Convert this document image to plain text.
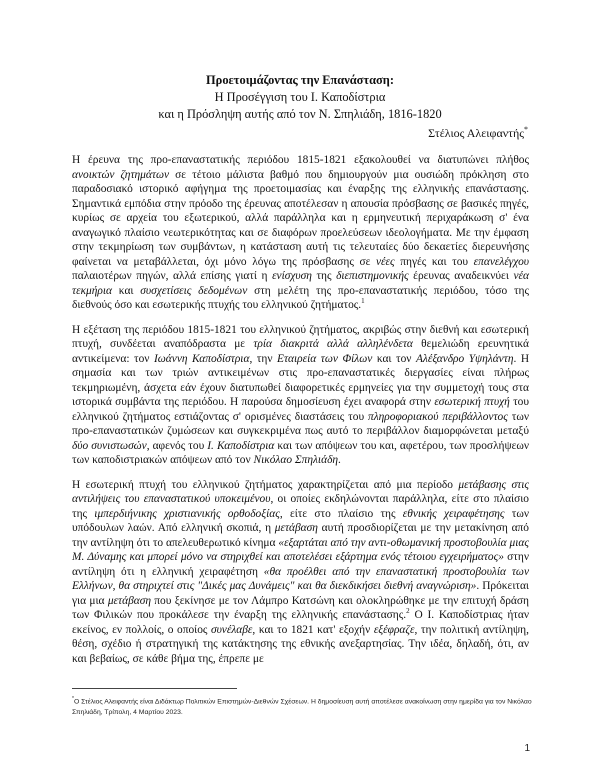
Προετοιμάζοντας την Επανάσταση:
Η Προσέγγιση του Ι. Καποδίστρια
και η Πρόσληψη αυτής από τον Ν. Σπηλιάδη, 1816-1820
Στέλιος Αλειφαντής*

Η έρευνα της προ-επαναστατικής περιόδου 1815-1821 εξακολουθεί να διατυπώνει πλήθος ανοικτών ζητημάτων σε τέτοιο μάλιστα βαθμό που δημιουργούν μια ουσιώδη πρόκληση στο παραδοσιακό ιστορικό αφήγημα της προετοιμασίας και έναρξης της ελληνικής επανάστασης. Σημαντικά εμπόδια στην πρόοδο της έρευνας αποτέλεσαν η απουσία πρόσβασης σε βασικές πηγές, κυρίως σε αρχεία του εξωτερικού, αλλά παράλληλα και η ερμηνευτική περιχαράκωση σ' ένα αναγωγικό πλαίσιο νεωτερικότητας και σε διαφόρων προελεύσεων ιδεολογήματα. Με την έμφαση στην τεκμηρίωση των συμβάντων, η κατάσταση αυτή τις τελευταίες δύο δεκαετίες διερευνήσης φαίνεται να μεταβάλλεται, όχι μόνο λόγω της πρόσβασης σε νέες πηγές και του επανελέγχου παλαιοτέρων πηγών, αλλά επίσης γιατί η ενίσχυση της διεπιστημονικής έρευνας αναδεικνύει νέα τεκμήρια και συσχετίσεις δεδομένων στη μελέτη της προ-επαναστατικής περιόδου, τόσο της διεθνούς όσο και εσωτερικής πτυχής του ελληνικού ζητήματος.$^1$

Η εξέταση της περιόδου 1815-1821 του ελληνικού ζητήματος, ακριβώς στην διεθνή και εσωτερική πτυχή, συνδέεται αναπόδραστα με τρία διακριτά αλλά αλληλένδετα θεμελιώδη ερευνητικά αντικείμενα: τον Ιωάννη Καποδίστρια, την Εταιρεία των Φίλων και τον Αλέξανδρο Υψηλάντη. Η σημασία και των τριών αντικειμένων στις προ-επαναστατικές διεργασίες είναι πλήρως τεκμηριωμένη, άσχετα εάν έχουν διατυπωθεί διαφορετικές ερμηνείες για την συμμετοχή τους στα ιστορικά συμβάντα της περιόδου. Η παρούσα δημοσίευση έχει αναφορά στην εσωτερική πτυχή του ελληνικού ζητήματος εστιάζοντας σ' ορισμένες διαστάσεις του πληροφοριακού περιβάλλοντος των προ-επαναστατικών ζυμώσεων και συγκεκριμένα πως αυτό το περιβάλλον διαμορφώνεται μεταξύ δύο συνιστωσών, αφενός του Ι. Καποδίστρια και των απόψεων του και, αφετέρου, των προσλήψεων των καποδιστριακών απόψεων από τον Νικόλαο Σπηλιάδη.

Η εσωτερική πτυχή του ελληνικού ζητήματος χαρακτηρίζεται από μια περίοδο μετάβασης στις αντιλήψεις του επαναστατικού υποκειμένου, οι οποίες εκδηλώνονται παράλληλα, είτε στο πλαίσιο της ιμπερδιήνικης χριστιανικής ορθοδοξίας, είτε στο πλαίσιο της εθνικής χειραφέτησης των υπόδουλων λαών. Από ελληνική σκοπιά, η μετάβαση αυτή προσδιορίζεται με την μετακίνηση από την αντίληψη ότι το απελευθερωτικό κίνημα «εξαρτάται από την αντι-οθωμανική προστοβουλία μιας Μ. Δύναμης και μπορεί μόνο να στηριχθεί και αποτελέσει εξάρτημα ενός τέτοιου εγχειρήματος» στην αντίληψη ότι η ελληνική χειραφέτηση «θα προέλθει από την επαναστατική προστοβουλία των Ελλήνων, θα στηριχτεί στις "Δικές μας Δυνάμεις" και θα διεκδικήσει διεθνή αναγνώριση». Πρόκειται για μια μετάβαση που ξεκίνησε με τον Λάμπρο Κατσώνη και ολοκληρώθηκε με την επιτυχή δράση των Φιλικών που προκάλεσε την έναρξη της ελληνικής επανάστασης.$^2$ Ο Ι. Καποδίστριας ήταν εκείνος, εν πολλοίς, ο οποίος συνέλαβε, και το 1821 κατ' εξοχήν εξέφραζε, την πολιτική αντίληψη, θέση, σχέδιο ή στρατηγική της κατάκτησης της εθνικής ανεξαρτησίας. Την ιδέα, δηλαδή, ότι, αν και βεβαίως, σε κάθε βήμα της, έπρεπε με

*Ο Στέλιος Αλειφαντής είναι Διδάκτωρ Πολιτικών Επιστημών-Διεθνών Σχέσεων. Η δημοσίευση αυτή αποτέλεσε ανακοίνωση στην ημερίδα για τον Νικόλαο Σπηλιάδη, Τρίπολη, 4 Μαρτίου 2023.
1
